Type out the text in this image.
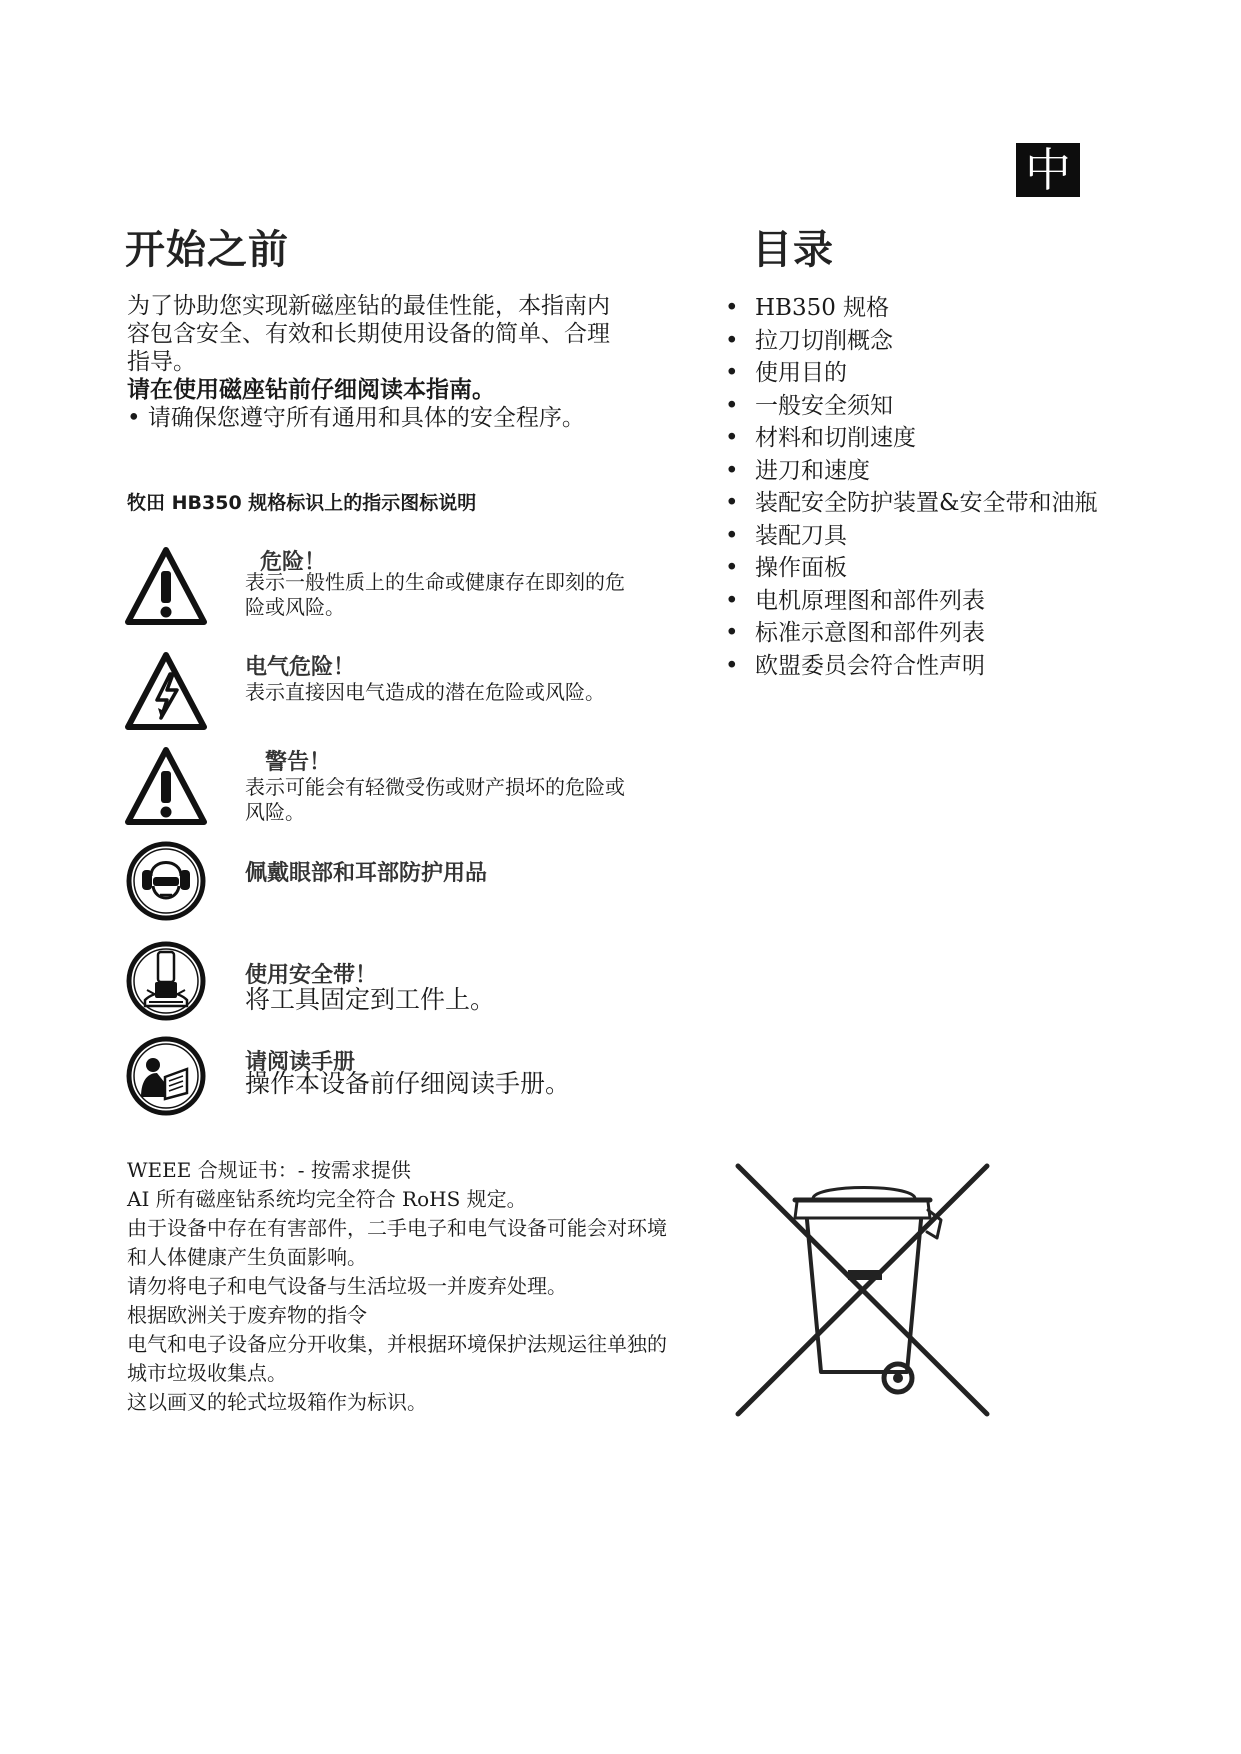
中
开始之前	目录

为了协助您实现新磁座钻的最佳性能，本指南内容包含安全、有效和长期使用设备的简单、合理指导。

请在使用磁座钻前仔细阅读本指南。

• 请确保您遵守所有通用和具体的安全程序。

牧田 HB350 规格标识上的指示图标说明
危险！
表示一般性质上的生命或健康存在即刻的危险或风险。
电气危险！
表示直接因电气造成的潜在危险或风险。
警告！
表示可能会有轻微受伤或财产损坏的危险或风险。
佩戴眼部和耳部防护用品
使用安全带！
将工具固定到工件上。
请阅读手册
操作本设备前仔细阅读手册。
• HB350 规格
• 拉刀切削概念
• 使用目的
• 一般安全须知
• 材料和切削速度
• 进刀和速度
• 装配安全防护装置&安全带和油瓶
• 装配刀具
• 操作面板
• 电机原理图和部件列表
• 标准示意图和部件列表
• 欧盟委员会符合性声明

WEEE 合规证书：- 按需求提供

AI 所有磁座钻系统均完全符合 RoHS 规定。

由于设备中存在有害部件，二手电子和电气设备可能会对环境和人体健康产生负面影响。

请勿将电子和电气设备与生活垃圾一并废弃处理。

根据欧洲关于废弃物的指令

电气和电子设备应分开收集，并根据环境保护法规运往单独的城市垃圾收集点。

这以画叉的轮式垃圾箱作为标识。
